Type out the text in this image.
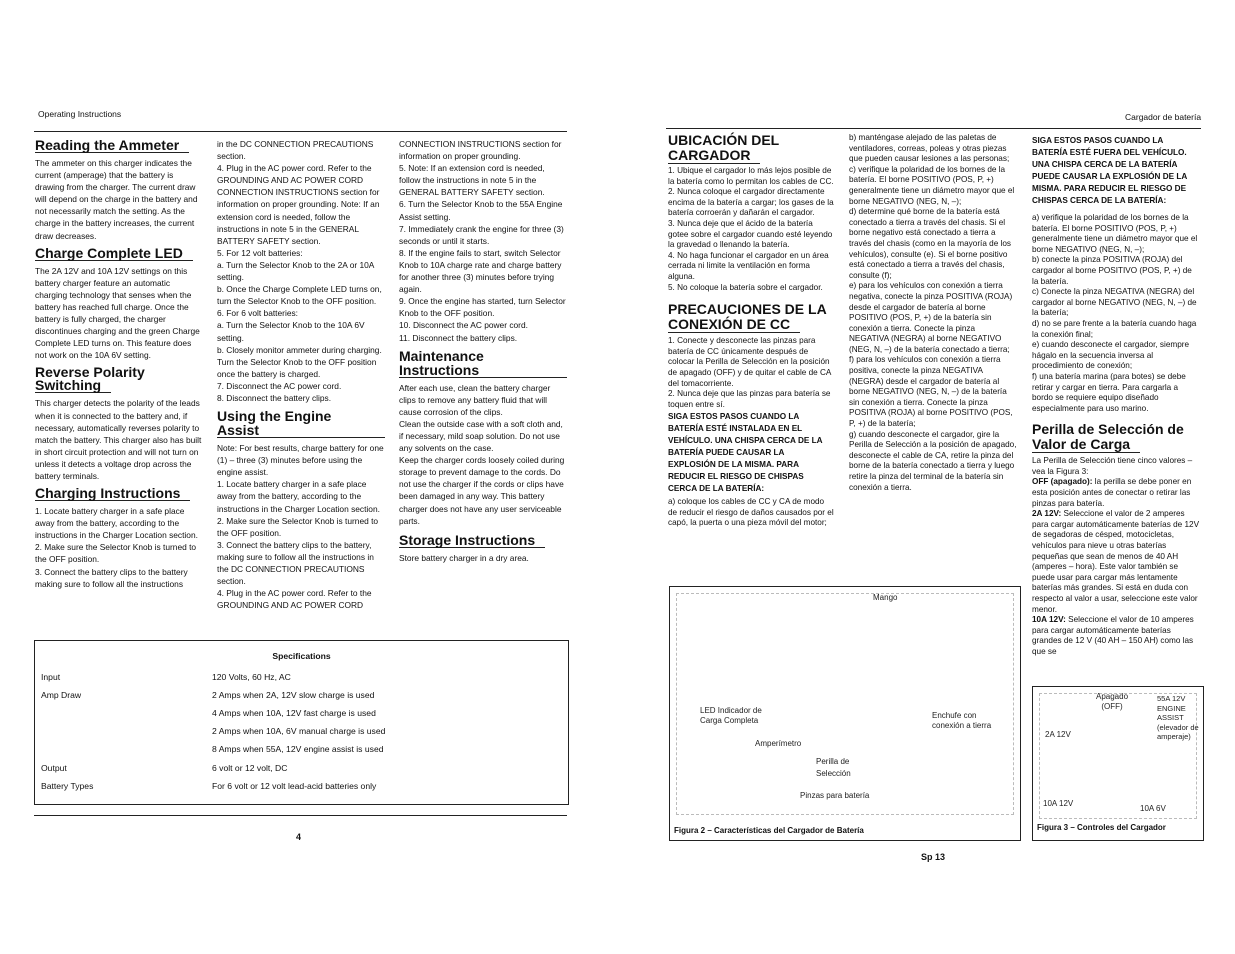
Operating Instructions
Reading the Ammeter

The ammeter on this charger indicates the current (amperage) that the battery is drawing from the charger. The current draw will depend on the charge in the battery and not necessarily match the setting. As the charge in the battery increases, the current draw decreases.

Charge Complete LED

The 2A 12V and 10A 12V settings on this battery charger feature an automatic charging technology that senses when the battery has reached full charge. Once the battery is fully charged, the charger discontinues charging and the green Charge Complete LED turns on. This feature does not work on the 10A 6V setting.

Reverse Polarity
Switching

This charger detects the polarity of the leads when it is connected to the battery and, if necessary, automatically reverses polarity to match the battery. This charger also has built in short circuit protection and will not turn on unless it detects a voltage drop across the battery terminals.

Charging Instructions
1. Locate battery charger in a safe place away from the battery, according to the instructions in the Charger Location section.
2. Make sure the Selector Knob is turned to the OFF position.
3. Connect the battery clips to the battery making sure to follow all the instructions
in the DC CONNECTION PRECAUTIONS section.
4. Plug in the AC power cord. Refer to the GROUNDING AND AC POWER CORD CONNECTION INSTRUCTIONS section for information on proper grounding. Note: If an extension cord is needed, follow the instructions in note 5 in the GENERAL BATTERY SAFETY section.
5. For 12 volt batteries:
a. Turn the Selector Knob to the 2A or 10A setting.
b. Once the Charge Complete LED turns on, turn the Selector Knob to the OFF position.
6. For 6 volt batteries:
a. Turn the Selector Knob to the 10A 6V setting.
b. Closely monitor ammeter during charging. Turn the Selector Knob to the OFF position once the battery is charged.
7. Disconnect the AC power cord.
8. Disconnect the battery clips.
Using the Engine Assist
Note: For best results, charge battery for one (1) – three (3) minutes before using the engine assist.
1. Locate battery charger in a safe place away from the battery, according to the instructions in the Charger Location section.
2. Make sure the Selector Knob is turned to the OFF position.
3. Connect the battery clips to the battery, making sure to follow all the instructions in the DC CONNECTION PRECAUTIONS section.
4. Plug in the AC power cord. Refer to the GROUNDING AND AC POWER CORD
CONNECTION INSTRUCTIONS section for information on proper grounding.
5. Note: If an extension cord is needed, follow the instructions in note 5 in the GENERAL BATTERY SAFETY section.
6. Turn the Selector Knob to the 55A Engine Assist setting.
7. Immediately crank the engine for three (3) seconds or until it starts.
8. If the engine fails to start, switch Selector Knob to 10A charge rate and charge battery for another three (3) minutes before trying again.
9. Once the engine has started, turn Selector Knob to the OFF position.
10. Disconnect the AC power cord.
11. Disconnect the battery clips.
Maintenance Instructions
After each use, clean the battery charger clips to remove any battery fluid that will cause corrosion of the clips.
Clean the outside case with a soft cloth and, if necessary, mild soap solution. Do not use any solvents on the case.
Keep the charger cords loosely coiled during storage to prevent damage to the cords. Do not use the charger if the cords or clips have been damaged in any way. This battery charger does not have any user serviceable parts.
Storage Instructions

Store battery charger in a dry area.

Specifications
Input	120 Volts, 60 Hz, AC
Amp Draw	2 Amps when 2A, 12V slow charge is used
4 Amps when 10A, 12V fast charge is used
2 Amps when 10A, 6V manual charge is used
8 Amps when 55A, 12V engine assist is used
Output	6 volt or 12 volt, DC
Battery Types	For 6 volt or 12 volt lead-acid batteries only
4
Cargador de batería
UBICACIÓN DEL
CARGADOR
1. Ubique el cargador lo más lejos posible de la batería como lo permitan los cables de CC.
2. Nunca coloque el cargador directamente encima de la batería a cargar; los gases de la batería corroerán y dañarán el cargador.
3. Nunca deje que el ácido de la batería gotee sobre el cargador cuando esté leyendo la gravedad o llenando la batería.
4. No haga funcionar el cargador en un área cerrada ni limite la ventilación en forma alguna.
5. No coloque la batería sobre el cargador.
PRECAUCIONES DE LA
CONEXIÓN DE CC
1. Conecte y desconecte las pinzas para batería de CC únicamente después de colocar la Perilla de Selección en la posición de apagado (OFF) y de quitar el cable de CA del tomacorriente.
2. Nunca deje que las pinzas para batería se toquen entre sí.

SIGA ESTOS PASOS CUANDO LA BATERÍA ESTÉ INSTALADA EN EL VEHÍCULO. UNA CHISPA CERCA DE LA BATERÍA PUEDE CAUSAR LA EXPLOSIÓN DE LA MISMA. PARA REDUCIR EL RIESGO DE CHISPAS CERCA DE LA BATERÍA:

a) coloque los cables de CC y CA de modo de reducir el riesgo de daños causados por el capó, la puerta o una pieza móvil del motor;

b) manténgase alejado de las paletas de ventiladores, correas, poleas y otras piezas que pueden causar lesiones a las personas;
c) verifique la polaridad de los bornes de la batería. El borne POSITIVO (POS, P, +) generalmente tiene un diámetro mayor que el borne NEGATIVO (NEG, N, –);
d) determine qué borne de la batería está conectado a tierra a través del chasis. Si el borne negativo está conectado a tierra a través del chasis (como en la mayoría de los vehículos), consulte (e). Si el borne positivo está conectado a tierra a través del chasis, consulte (f);
e) para los vehículos con conexión a tierra negativa, conecte la pinza POSITIVA (ROJA) desde el cargador de batería al borne POSITIVO (POS, P, +) de la batería sin conexión a tierra. Conecte la pinza NEGATIVA (NEGRA) al borne NEGATIVO (NEG, N, –) de la batería conectado a tierra;
f) para los vehículos con conexión a tierra positiva, conecte la pinza NEGATIVA (NEGRA) desde el cargador de batería al borne NEGATIVO (NEG, N, –) de la batería sin conexión a tierra. Conecte la pinza POSITIVA (ROJA) al borne POSITIVO (POS, P, +) de la batería;
g) cuando desconecte el cargador, gire la Perilla de Selección a la posición de apagado, desconecte el cable de CA, retire la pinza del borne de la batería conectado a tierra y luego retire la pinza del terminal de la batería sin conexión a tierra.

SIGA ESTOS PASOS CUANDO LA BATERÍA ESTÉ FUERA DEL VEHÍCULO. UNA CHISPA CERCA DE LA BATERÍA PUEDE CAUSAR LA EXPLOSIÓN DE LA MISMA. PARA REDUCIR EL RIESGO DE CHISPAS CERCA DE LA BATERÍA:

a) verifique la polaridad de los bornes de la batería. El borne POSITIVO (POS, P, +) generalmente tiene un diámetro mayor que el borne NEGATIVO (NEG, N, –);
b) conecte la pinza POSITIVA (ROJA) del cargador al borne POSITIVO (POS, P, +) de la batería.
c) Conecte la pinza NEGATIVA (NEGRA) del cargador al borne NEGATIVO (NEG, N, –) de la batería;
d) no se pare frente a la batería cuando haga la conexión final;
e) cuando desconecte el cargador, siempre hágalo en la secuencia inversa al procedimiento de conexión;
f) una batería marina (para botes) se debe retirar y cargar en tierra. Para cargarla a bordo se requiere equipo diseñado especialmente para uso marino.
Perilla de Selección de
Valor de Carga

La Perilla de Selección tiene cinco valores – vea la Figura 3:

OFF (apagado): la perilla se debe poner en esta posición antes de conectar o retirar las pinzas para batería.

2A 12V: Seleccione el valor de 2 amperes para cargar automáticamente baterías de 12V de segadoras de césped, motocicletas, vehículos para nieve u otras baterías pequeñas que sean de menos de 40 AH (amperes – hora). Este valor también se puede usar para cargar más lentamente baterías más grandes. Si está en duda con respecto al valor a usar, seleccione este valor menor.

10A 12V: Seleccione el valor de 10 amperes para cargar automáticamente baterías grandes de 12 V (40 AH – 150 AH) como las que se

Mango
LED Indicador de Carga Completa
Amperímetro
Perilla de Selección
Enchufe con conexión a tierra
Pinzas para batería
Figura 2 – Características del Cargador de Batería
Apagado (OFF)
55A 12V ENGINE ASSIST (elevador de amperaje)
2A 12V
10A 12V
10A 6V
Figura 3 – Controles del Cargador
Sp 13
